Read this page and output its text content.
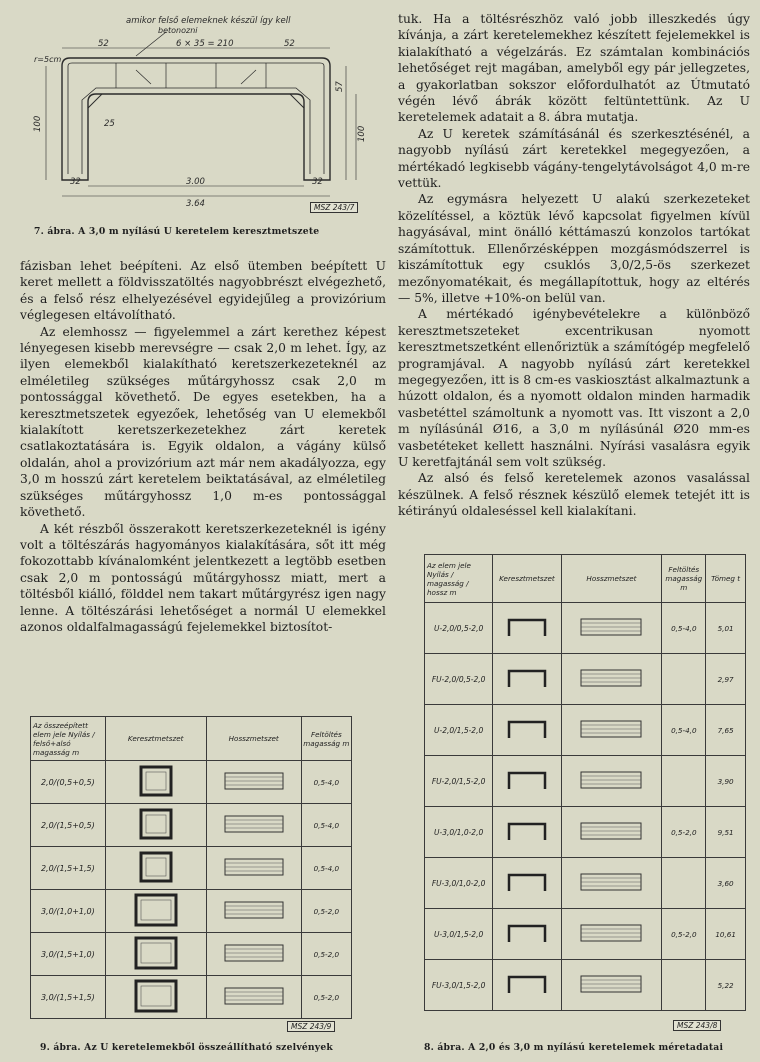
amikor felső elemeknek készül így kell
betonozni
6 × 35 = 210
52	52
r=5cm
3.00
3.64
32	32
100
100
57
25
MSZ 243/7
7. ábra. A 3,0 m nyílású U keretelem keresztmetszete

fázisban lehet beépíteni. Az első ütemben beépített U keret mellett a földvisszatöltés nagyobbrészt elvégezhető, és a felső rész elhelyezésével egyidejűleg a provizórium véglegesen eltávolítható.

Az elemhossz — figyelemmel a zárt kerethez képest lényegesen kisebb merevségre — csak 2,0 m lehet. Így, az ilyen elemekből kialakítható keretszerkezeteknél az elméletileg szükséges műtárgyhossz csak 2,0 m pontossággal követhető. De egyes esetekben, ha a keresztmetszetek egyezőek, lehetőség van U elemekből kialakított keretszerkezetekhez zárt keretek csatlakoztatására is. Egyik oldalon, a vágány külső oldalán, ahol a provizórium azt már nem akadályozza, egy 3,0 m hosszú zárt keretelem beiktatásával, az elméletileg szükséges műtárgyhossz 1,0 m-es pontossággal követhető.

A két részből összerakott keretszerkezeteknél is igény volt a töltészárás hagyományos kialakítására, sőt itt még fokozottabb kívánalomként jelentkezett a legtöbb esetben csak 2,0 m pontosságú műtárgyhossz miatt, mert a töltésből kiálló, földdel nem takart műtárgyrész igen nagy lenne. A töltészárási lehetőséget a normál U elemekkel azonos oldalfalmagasságú fejelemekkel biztosítot-

tuk. Ha a töltésrészhöz való jobb illeszkedés úgy kívánja, a zárt keretelemekhez készített fejelemekkel is kialakítható a végelzárás. Ez számtalan kombinációs lehetőséget rejt magában, amelyből egy pár jellegzetes, a gyakorlatban sokszor előfordulhatót az Útmutató végén lévő ábrák között feltüntettünk. Az U keretelemek adatait a 8. ábra mutatja.

Az U keretek számításánál és szerkesztésénél, a nagyobb nyílású zárt keretekkel megegyezően, a mértékadó legkisebb vágány-tengelytávolságot 4,0 m-re vettük.

Az egymásra helyezett U alakú szerkezeteket közelítéssel, a köztük lévő kapcsolat figyelmen kívül hagyásával, mint önálló kéttámaszú konzolos tartókat számítottuk. Ellenőrzésképpen mozgásmódszerrel is kiszámítottuk egy csuklós 3,0/2,5-ös szerkezet mezőnyomatékait, és megállapítottuk, hogy az eltérés — 5%, illetve +10%-on belül van.

A mértékadó igénybevételekre a különböző keresztmetszeteket excentrikusan nyomott keresztmetszetként ellenőriztük a számítógép megfelelő programjával. A nagyobb nyílású zárt keretekkel megegyezően, itt is 8 cm-es vaskiosztást alkalmaztunk a húzott oldalon, és a nyomott oldalon minden harmadik vasbetéttel számoltunk a nyomott vas. Itt viszont a 2,0 m nyílásúnál Ø16, a 3,0 m nyílásúnál Ø20 mm-es vasbetéteket kellett használni. Nyírási vasalásra egyik U keretfajtánál sem volt szükség.

Az alsó és felső keretelemek azonos vasalással készülnek. A felső résznek készülő elemek tetejét itt is kétirányú oldaleséssel kell kialakítani.

Az összeépített elem jele Nyílás / felső+alsó magasság m	Keresztmetszet	Hosszmetszet	Feltöltés magasság m
2,0/(0,5+0,5)			0,5-4,0
2,0/(1,5+0,5)			0,5-4,0
2,0/(1,5+1,5)			0,5-4,0
3,0/(1,0+1,0)			0,5-2,0
3,0/(1,5+1,0)			0,5-2,0
3,0/(1,5+1,5)			0,5-2,0
MSZ 243/9
9. ábra. Az U keretelemekből összeállítható szelvények
Az elem jele Nyílás / magasság / hossz m	Keresztmetszet	Hosszmetszet	Feltöltés magasság m	Tömeg t
U-2,0/0,5-2,0			0,5-4,0	5,01
FU-2,0/0,5-2,0				2,97
U-2,0/1,5-2,0			0,5-4,0	7,65
FU-2,0/1,5-2,0				3,90
U-3,0/1,0-2,0			0,5-2,0	9,51
FU-3,0/1,0-2,0				3,60
U-3,0/1,5-2,0			0,5-2,0	10,61
FU-3,0/1,5-2,0				5,22
MSZ 243/8
8. ábra. A 2,0 és 3,0 m nyílású keretelemek méretadatai
